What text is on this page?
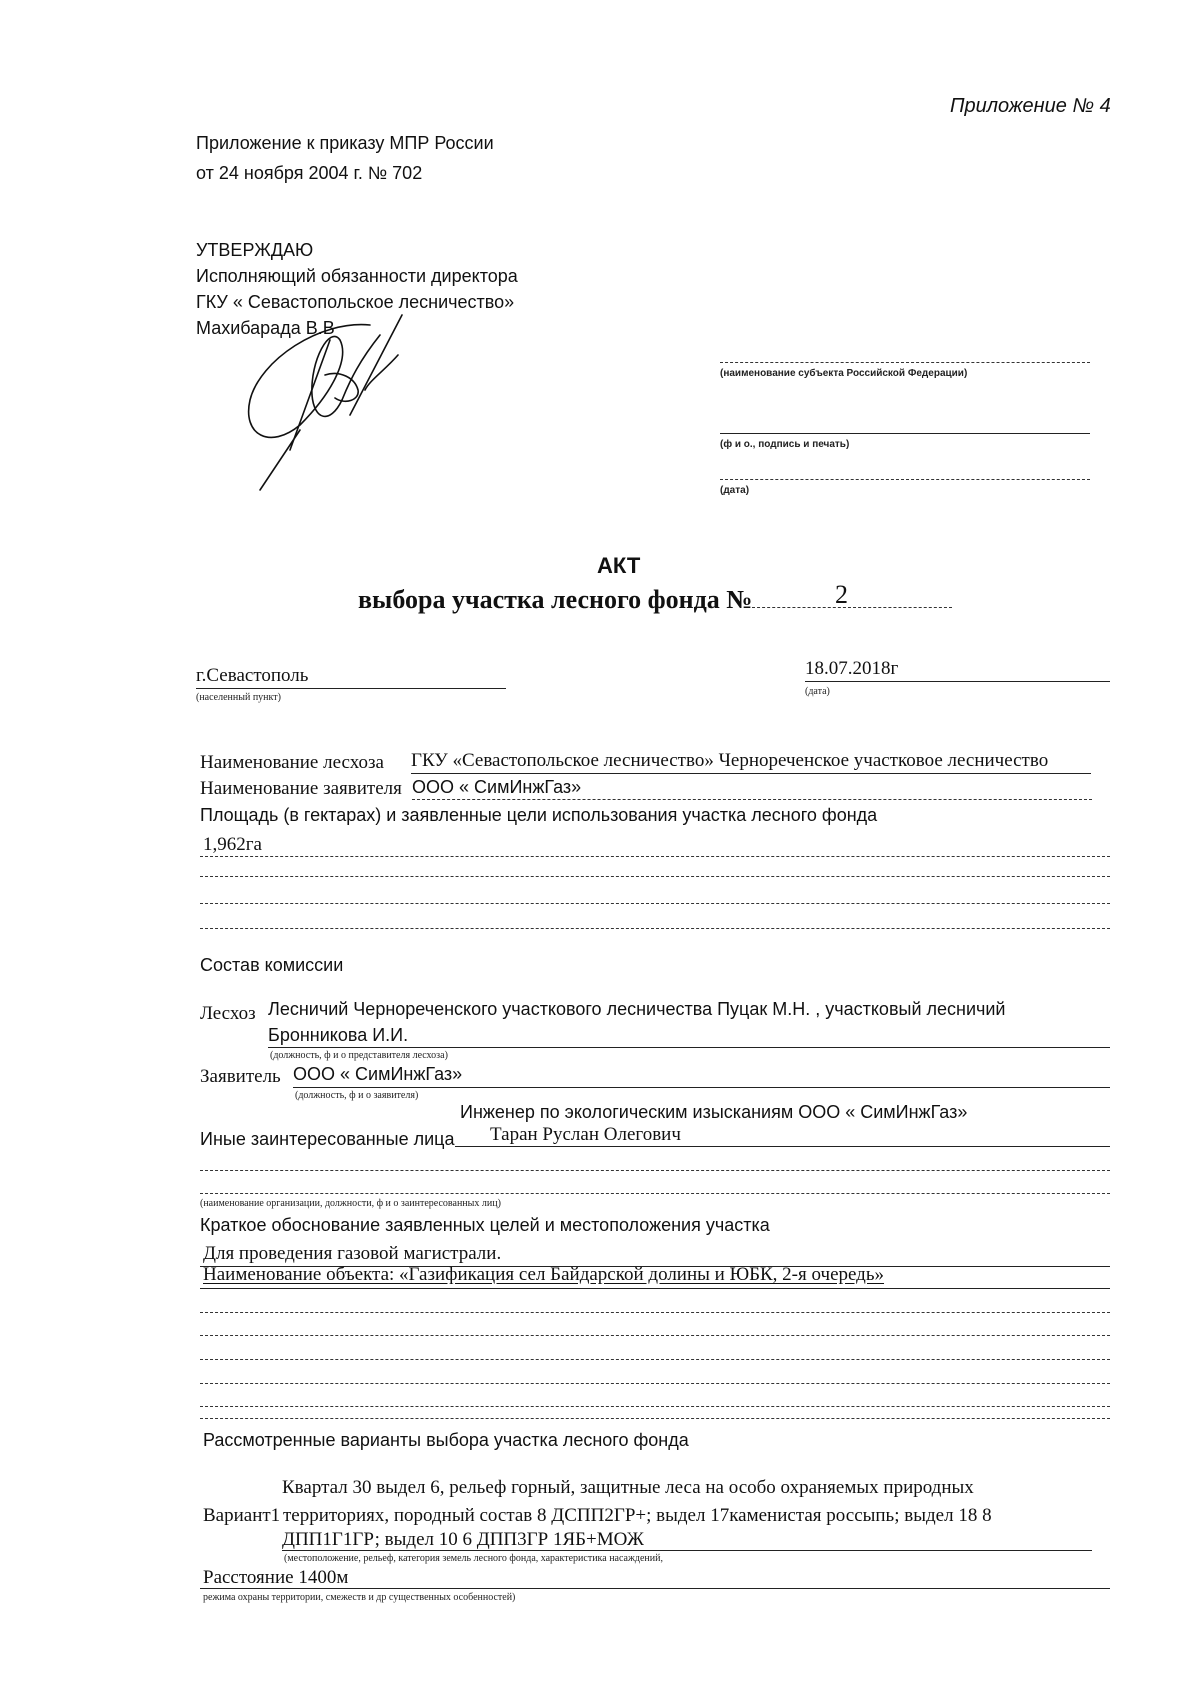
Приложение № 4
Приложение к приказу МПР России
от 24 ноября 2004 г. № 702
УТВЕРЖДАЮ
Исполняющий обязанности директора
ГКУ « Севастопольское лесничество»
Махибарада В.В
(наименование субъекта Российской Федерации)
(ф и о., подпись и печать)
(дата)
АКТ
выбора участка лесного фонда №	2
г.Севастополь
(населенный пункт)
18.07.2018г
(дата)
Наименование лесхоза ГКУ «Севастопольское лесничество» Чернореченское участковое лесничество
Наименование заявителя ООО « СимИнжГаз»
Площадь (в гектарах) и заявленные цели использования участка лесного фонда
1,962га
Состав комиссии
Лесхоз Лесничий Чернореченского участкового лесничества Пуцак М.Н. , участковый лесничий
Бронникова И.И.
(должность, ф и о представителя лесхоза)
Заявитель ООО « СимИнжГаз»
(должность, ф и о заявителя)
Инженер по экологическим изысканиям ООО « СимИнжГаз»
Иные заинтересованные лица Таран Руслан Олегович
(наименование организации, должности, ф и о заинтересованных лиц)
Краткое обоснование заявленных целей и местоположения участка
Для проведения газовой магистрали.
Наименование объекта: «Газификация сел Байдарской долины и ЮБК, 2-я очередь»
Рассмотренные варианты выбора участка лесного фонда
Квартал 30 выдел 6, рельеф горный, защитные леса на особо охраняемых природных
Вариант1 территориях, породный состав 8 ДСПП2ГР+; выдел 17каменистая россыпь; выдел 18 8
ДПП1Г1ГР; выдел 10 6 ДПП3ГР 1ЯБ+МОЖ
(местоположение, рельеф, категория земель лесного фонда, характеристика насаждений,
Расстояние 1400м
режима охраны территории, смежеств и др существенных особенностей)
